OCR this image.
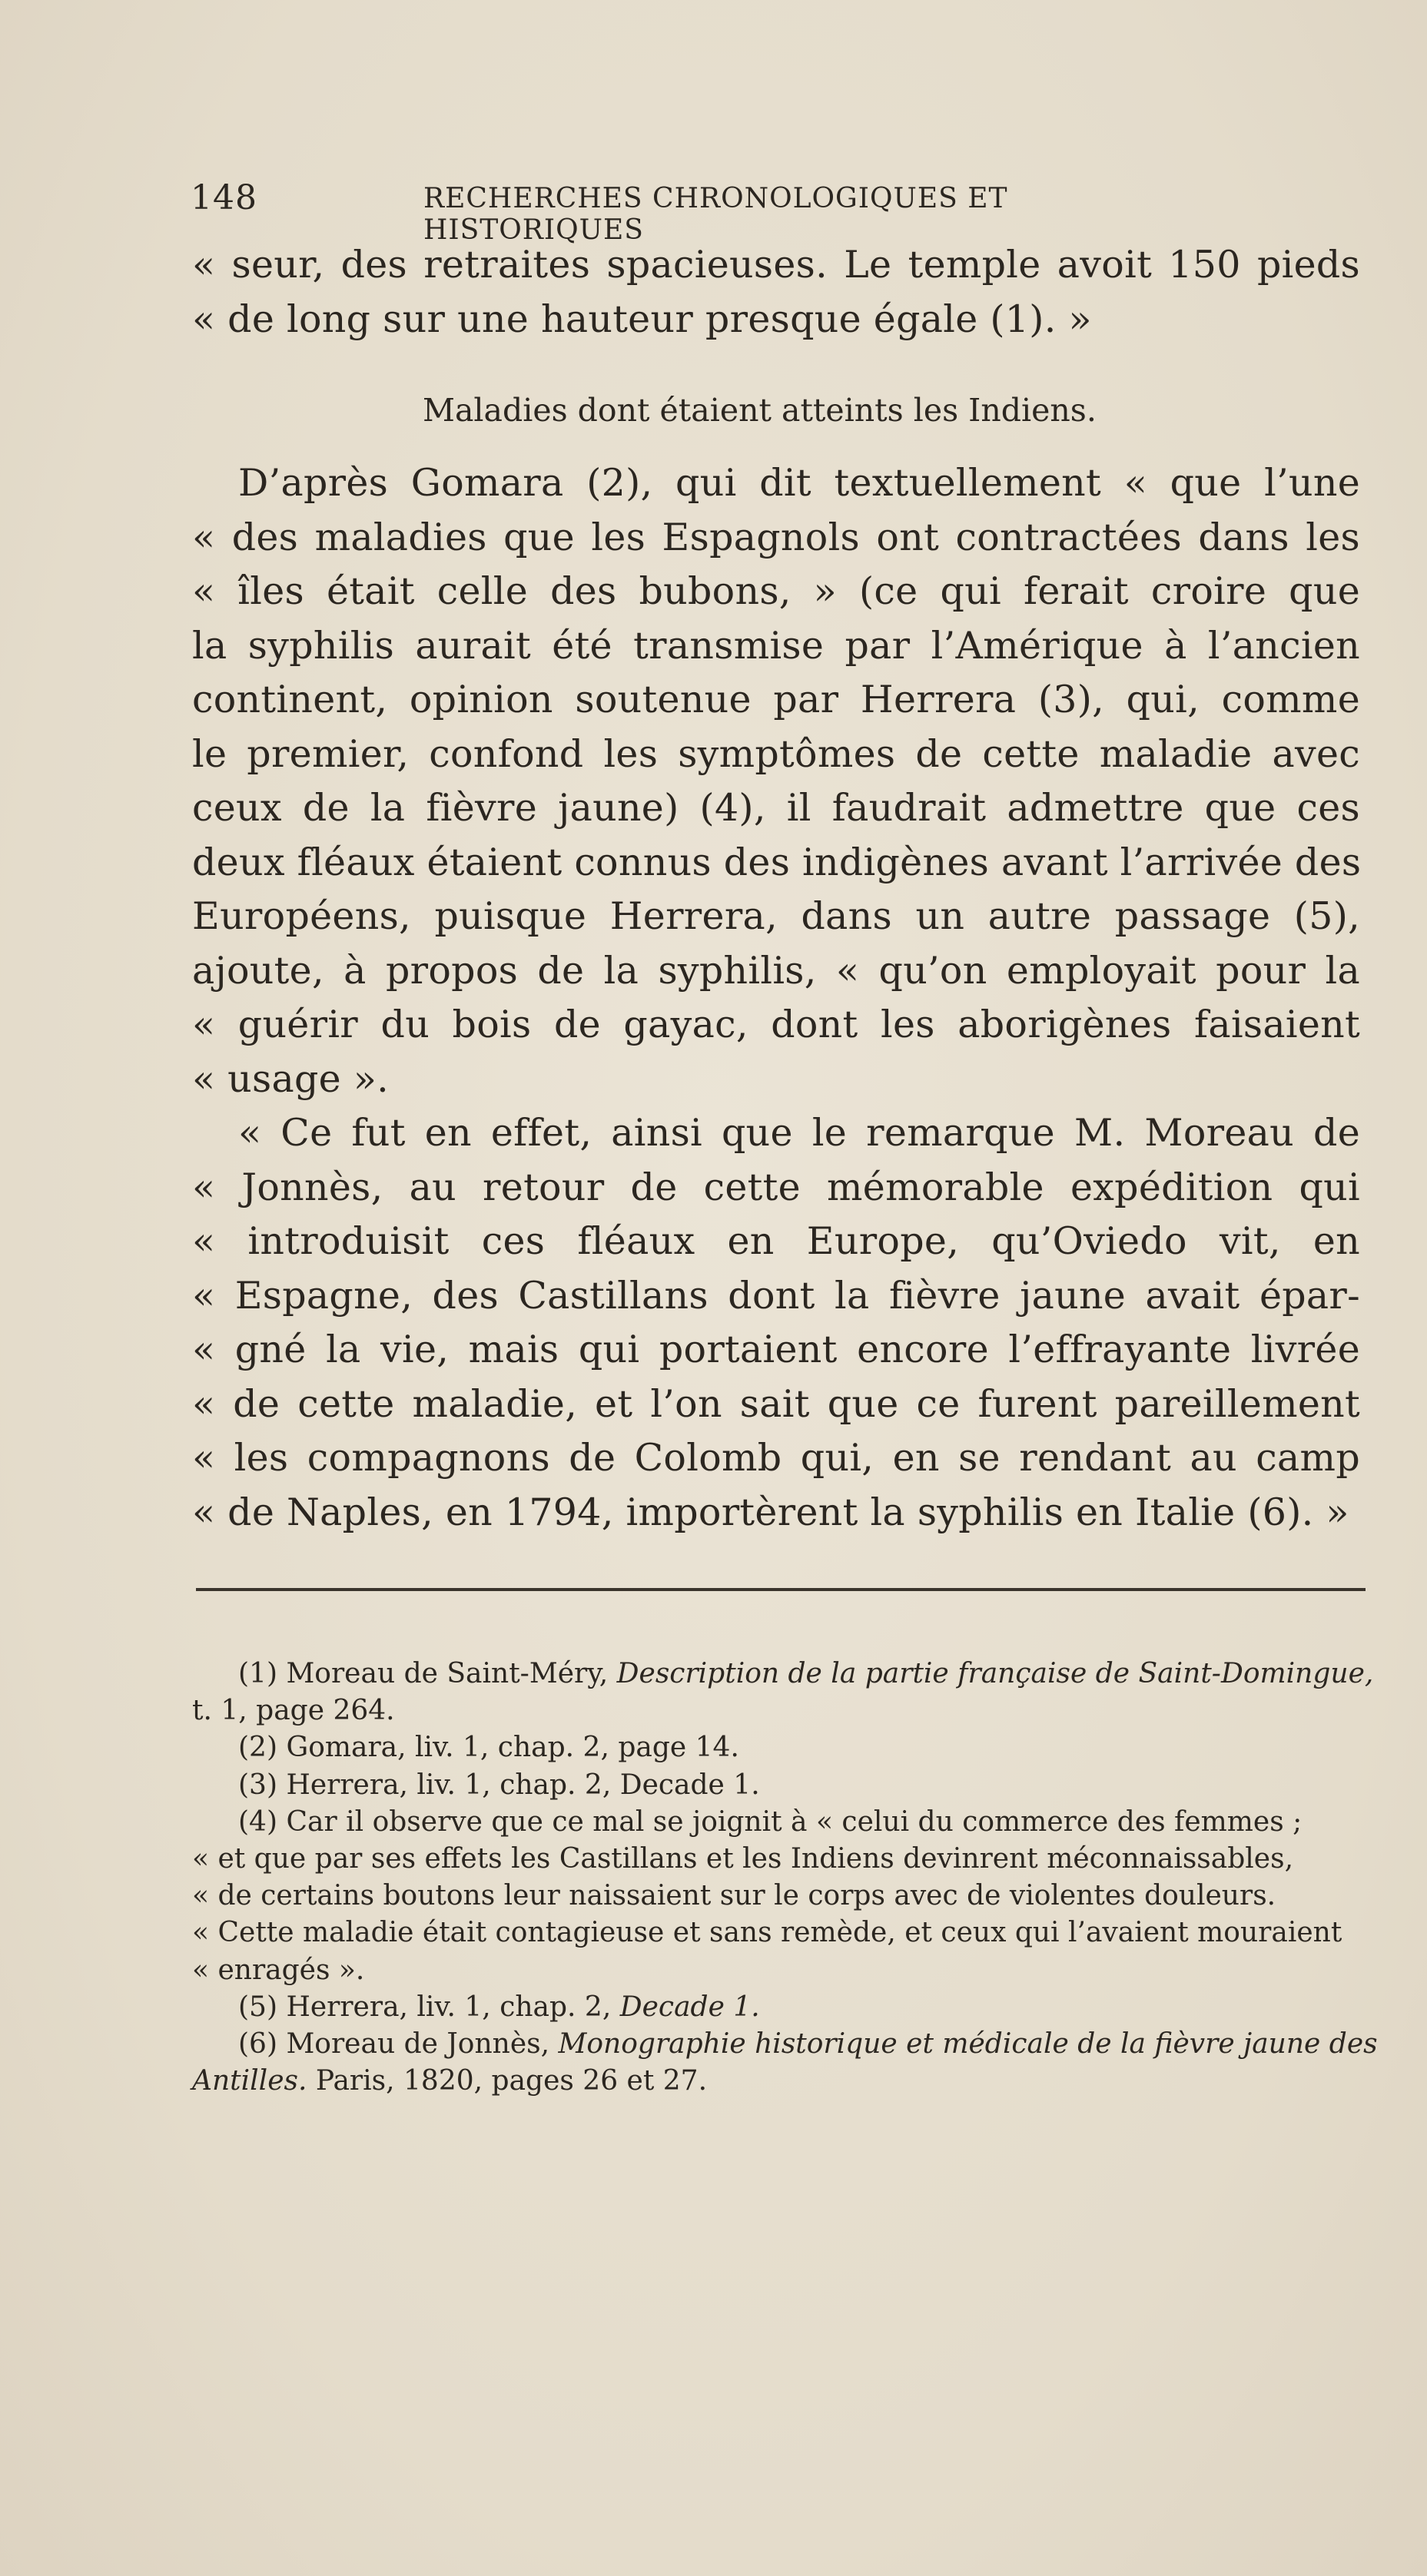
148	RECHERCHES CHRONOLOGIQUES ET HISTORIQUES
« seur, des retraites spacieuses. Le temple avoit 150 pieds
« de long sur une hauteur presque égale (1). »
Maladies dont étaient atteints les Indiens.
D’après Gomara (2), qui dit textuellement « que l’une
« des maladies que les Espagnols ont contractées dans les
« îles était celle des bubons, » (ce qui ferait croire que
la syphilis aurait été transmise par l’Amérique à l’ancien
continent, opinion soutenue par Herrera (3), qui, comme
le premier, confond les symptômes de cette maladie avec
ceux de la fièvre jaune) (4), il faudrait admettre que ces
deux fléaux étaient connus des indigènes avant l’arrivée des
Européens, puisque Herrera, dans un autre passage (5),
ajoute, à propos de la syphilis, « qu’on employait pour la
« guérir du bois de gayac, dont les aborigènes faisaient
« usage ».
« Ce fut en effet, ainsi que le remarque M. Moreau de
« Jonnès, au retour de cette mémorable expédition qui
« introduisit ces fléaux en Europe, qu’Oviedo vit, en
« Espagne, des Castillans dont la fièvre jaune avait épar-
« gné la vie, mais qui portaient encore l’effrayante livrée
« de cette maladie, et l’on sait que ce furent pareillement
« les compagnons de Colomb qui, en se rendant au camp
« de Naples, en 1794, importèrent la syphilis en Italie (6). »
(1) Moreau de Saint-Méry, Description de la partie française de Saint-Domingue,
t. 1, page 264.
(2) Gomara, liv. 1, chap. 2, page 14.
(3) Herrera, liv. 1, chap. 2, Decade 1.
(4) Car il observe que ce mal se joignit à « celui du commerce des femmes ;
« et que par ses effets les Castillans et les Indiens devinrent méconnaissables,
« de certains boutons leur naissaient sur le corps avec de violentes douleurs.
« Cette maladie était contagieuse et sans remède, et ceux qui l’avaient mouraient
« enragés ».
(5) Herrera, liv. 1, chap. 2, Decade 1.
(6) Moreau de Jonnès, Monographie historique et médicale de la fièvre jaune des
Antilles. Paris, 1820, pages 26 et 27.
